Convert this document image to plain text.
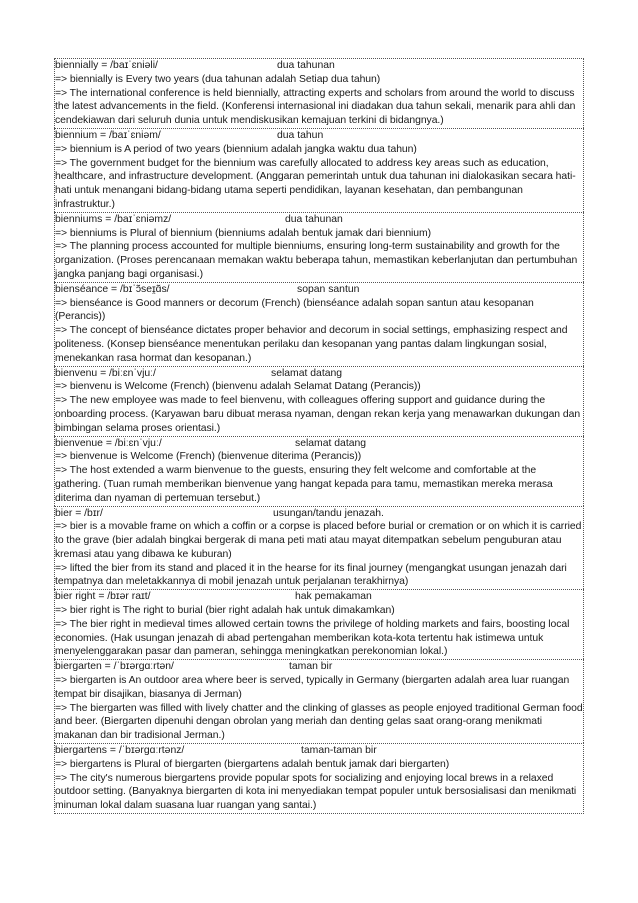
biennially = /baɪˈɛniəli/	dua tahunan
=> biennially is Every two years (dua tahunan adalah Setiap dua tahun)
=> The international conference is held biennially, attracting experts and scholars from around the world to discuss the latest advancements in the field. (Konferensi internasional ini diadakan dua tahun sekali, menarik para ahli dan cendekiawan dari seluruh dunia untuk mendiskusikan kemajuan terkini di bidangnya.)
biennium = /baɪˈɛniəm/	dua tahun
=> biennium is A period of two years (biennium adalah jangka waktu dua tahun)
=> The government budget for the biennium was carefully allocated to address key areas such as education, healthcare, and infrastructure development. (Anggaran pemerintah untuk dua tahunan ini dialokasikan secara hati-hati untuk menangani bidang-bidang utama seperti pendidikan, layanan kesehatan, dan pembangunan infrastruktur.)
bienniums = /baɪˈɛniəmz/	dua tahunan
=> bienniums is Plural of biennium (bienniums adalah bentuk jamak dari biennium)
=> The planning process accounted for multiple bienniums, ensuring long-term sustainability and growth for the organization. (Proses perencanaan memakan waktu beberapa tahun, memastikan keberlanjutan dan pertumbuhan jangka panjang bagi organisasi.)
bienséance = /bɪˈɔ̃seɪ̯ɑ̃s/	sopan santun
=> bienséance is Good manners or decorum (French) (bienséance adalah sopan santun atau kesopanan (Perancis))
=> The concept of bienséance dictates proper behavior and decorum in social settings, emphasizing respect and politeness. (Konsep bienséance menentukan perilaku dan kesopanan yang pantas dalam lingkungan sosial, menekankan rasa hormat dan kesopanan.)
bienvenu = /biːɛnˈvjuː/	selamat datang
=> bienvenu is Welcome (French) (bienvenu adalah Selamat Datang (Perancis))
=> The new employee was made to feel bienvenu, with colleagues offering support and guidance during the onboarding process. (Karyawan baru dibuat merasa nyaman, dengan rekan kerja yang menawarkan dukungan dan bimbingan selama proses orientasi.)
bienvenue = /biːɛnˈvjuː/	selamat datang
=> bienvenue is Welcome (French) (bienvenue diterima (Perancis))
=> The host extended a warm bienvenue to the guests, ensuring they felt welcome and comfortable at the gathering. (Tuan rumah memberikan bienvenue yang hangat kepada para tamu, memastikan mereka merasa diterima dan nyaman di pertemuan tersebut.)
bier = /bɪr/	usungan/tandu jenazah.
=> bier is a movable frame on which a coffin or a corpse is placed before burial or cremation or on which it is carried to the grave (bier adalah bingkai bergerak di mana peti mati atau mayat ditempatkan sebelum penguburan atau kremasi atau yang dibawa ke kuburan)
=> lifted the bier from its stand and placed it in the hearse for its final journey (mengangkat usungan jenazah dari tempatnya dan meletakkannya di mobil jenazah untuk perjalanan terakhirnya)
bier right = /bɪər raɪt/	hak pemakaman
=> bier right is The right to burial (bier right adalah hak untuk dimakamkan)
=> The bier right in medieval times allowed certain towns the privilege of holding markets and fairs, boosting local economies. (Hak usungan jenazah di abad pertengahan memberikan kota-kota tertentu hak istimewa untuk menyelenggarakan pasar dan pameran, sehingga meningkatkan perekonomian lokal.)
biergarten = /ˈbɪərgɑːrtən/	taman bir
=> biergarten is An outdoor area where beer is served, typically in Germany (biergarten adalah area luar ruangan tempat bir disajikan, biasanya di Jerman)
=> The biergarten was filled with lively chatter and the clinking of glasses as people enjoyed traditional German food and beer. (Biergarten dipenuhi dengan obrolan yang meriah dan denting gelas saat orang-orang menikmati makanan dan bir tradisional Jerman.)
biergartens = /ˈbɪərgɑːrtənz/	taman-taman bir
=> biergartens is Plural of biergarten (biergartens adalah bentuk jamak dari biergarten)
=> The city's numerous biergartens provide popular spots for socializing and enjoying local brews in a relaxed outdoor setting. (Banyaknya biergarten di kota ini menyediakan tempat populer untuk bersosialisasi dan menikmati minuman lokal dalam suasana luar ruangan yang santai.)
